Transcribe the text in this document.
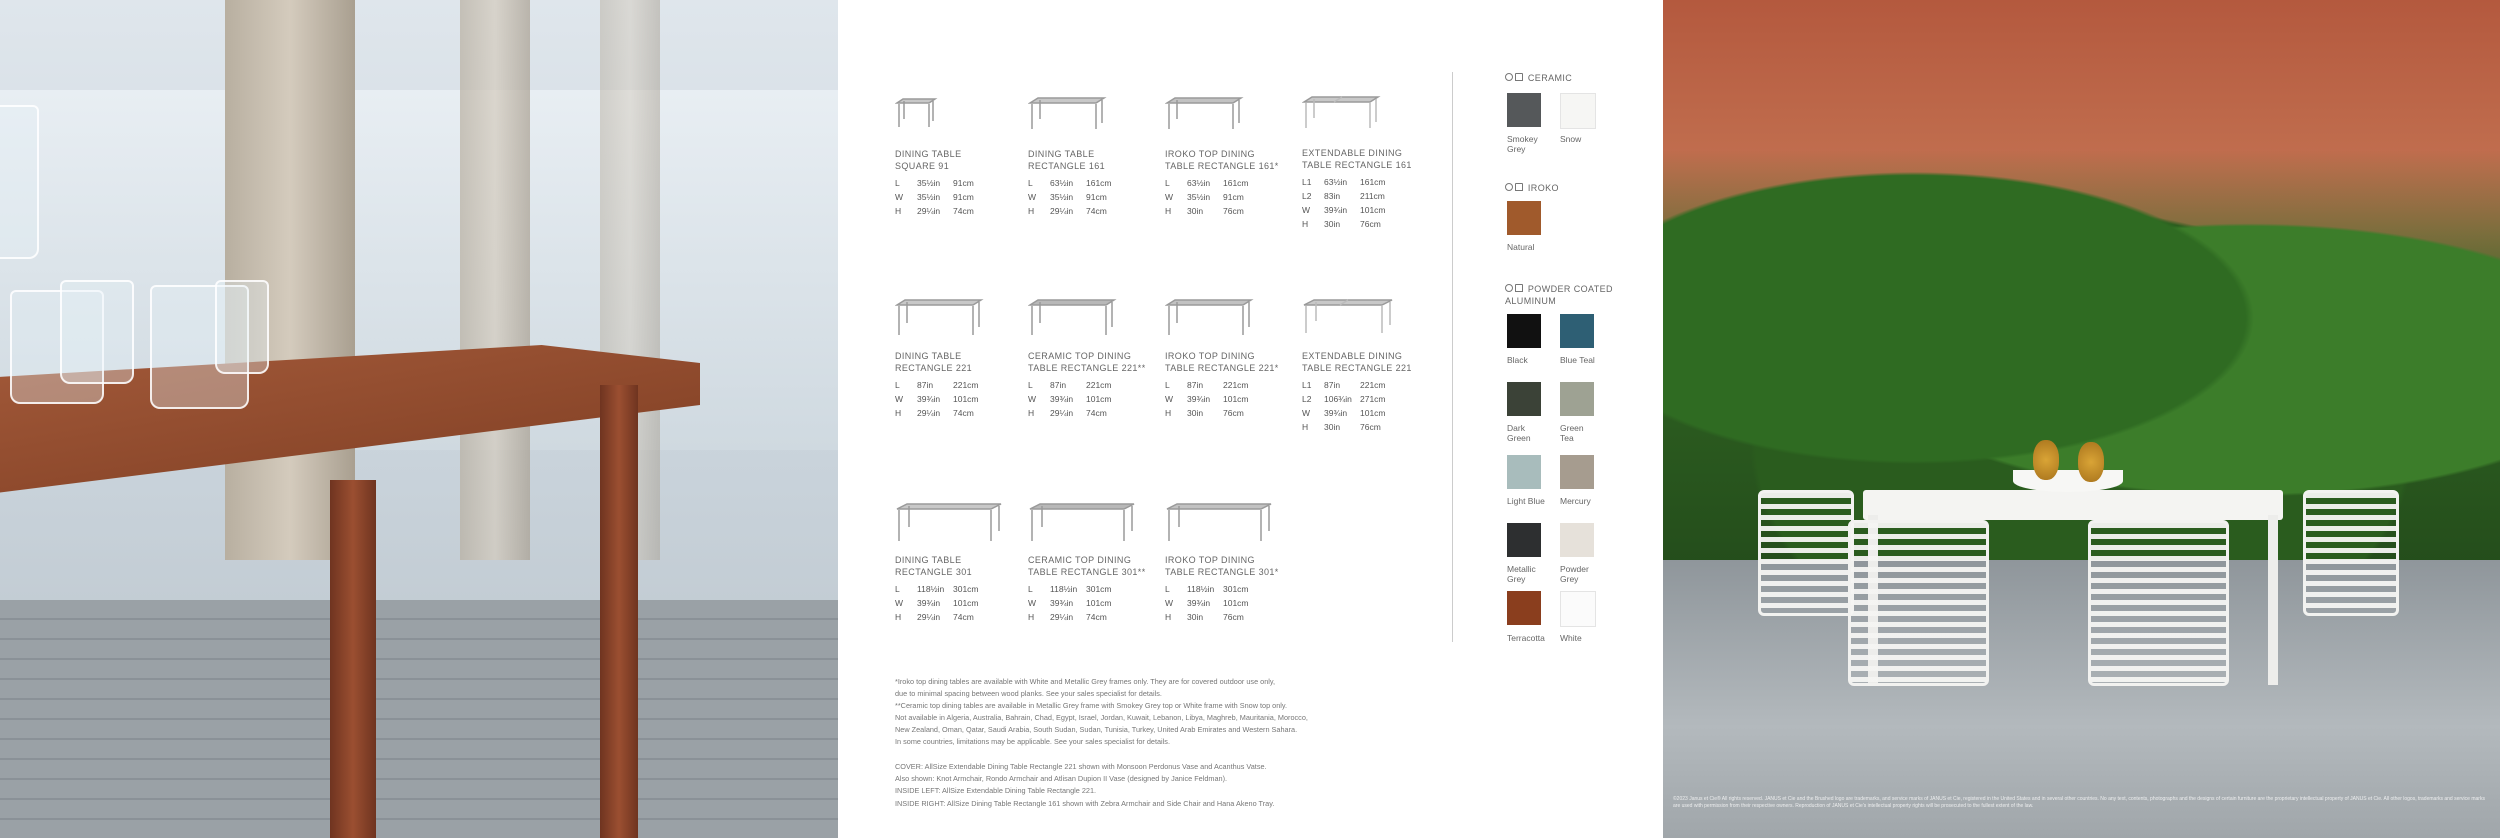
DINING TABLE
SQUARE 91
L	35½in	91cm
W	35½in	91cm
H	29¼in	74cm
DINING TABLE
RECTANGLE 161
L	63½in	161cm
W	35½in	91cm
H	29¼in	74cm
IROKO TOP DINING
TABLE RECTANGLE 161*
L	63½in	161cm
W	35½in	91cm
H	30in	76cm
EXTENDABLE DINING
TABLE RECTANGLE 161
L1	63½in	161cm
L2	83in	211cm
W	39¾in	101cm
H	30in	76cm
DINING TABLE
RECTANGLE 221
L	87in	221cm
W	39¾in	101cm
H	29¼in	74cm
CERAMIC TOP DINING
TABLE RECTANGLE 221**
L	87in	221cm
W	39¾in	101cm
H	29¼in	74cm
IROKO TOP DINING
TABLE RECTANGLE 221*
L	87in	221cm
W	39¾in	101cm
H	30in	76cm
EXTENDABLE DINING
TABLE RECTANGLE 221
L1	87in	221cm
L2	106¾in	271cm
W	39¾in	101cm
H	30in	76cm
DINING TABLE
RECTANGLE 301
L	118½in	301cm
W	39¾in	101cm
H	29¼in	74cm
CERAMIC TOP DINING
TABLE RECTANGLE 301**
L	118½in	301cm
W	39¾in	101cm
H	29¼in	74cm
IROKO TOP DINING
TABLE RECTANGLE 301*
L	118½in	301cm
W	39¾in	101cm
H	30in	76cm
CERAMIC
Smokey
Grey
Snow
IROKO
Natural
POWDER COATED
ALUMINUM
Black	Blue Teal
Dark
Green
Green
Tea
Light Blue	Mercury
Metallic
Grey
Powder
Grey
Terracotta	White

*Iroko top dining tables are available with White and Metallic Grey frames only. They are for covered outdoor use only,

due to minimal spacing between wood planks. See your sales specialist for details.

**Ceramic top dining tables are available in Metallic Grey frame with Smokey Grey top or White frame with Snow top only.

Not available in Algeria, Australia, Bahrain, Chad, Egypt, Israel, Jordan, Kuwait, Lebanon, Libya, Maghreb, Mauritania, Morocco,

New Zealand, Oman, Qatar, Saudi Arabia, South Sudan, Sudan, Tunisia, Turkey, United Arab Emirates and Western Sahara.

In some countries, limitations may be applicable. See your sales specialist for details.

COVER: AllSize Extendable Dining Table Rectangle 221 shown with Monsoon Perdonus Vase and Acanthus Vatse.

Also shown: Knot Armchair, Rondo Armchair and Atlisan Dupion II Vase (designed by Janice Feldman).

INSIDE LEFT: AllSize Extendable Dining Table Rectangle 221.

INSIDE RIGHT: AllSize Dining Table Rectangle 161 shown with Zebra Armchair and Side Chair and Hana Akeno Tray.	©2023 Janus et Cie® All rights reserved. JANUS et Cie and the Brushed logo are trademarks, and service marks of JANUS et Cie, registered in the United States and in several other countries. No any text, contents, photographs and the designs of certain furniture are the proprietary intellectual property of JANUS et Cie. All other logos, trademarks and service marks are used with permission from their respective owners. Reproduction of JANUS et Cie's intellectual property rights will be prosecuted to the fullest extent of the law.
